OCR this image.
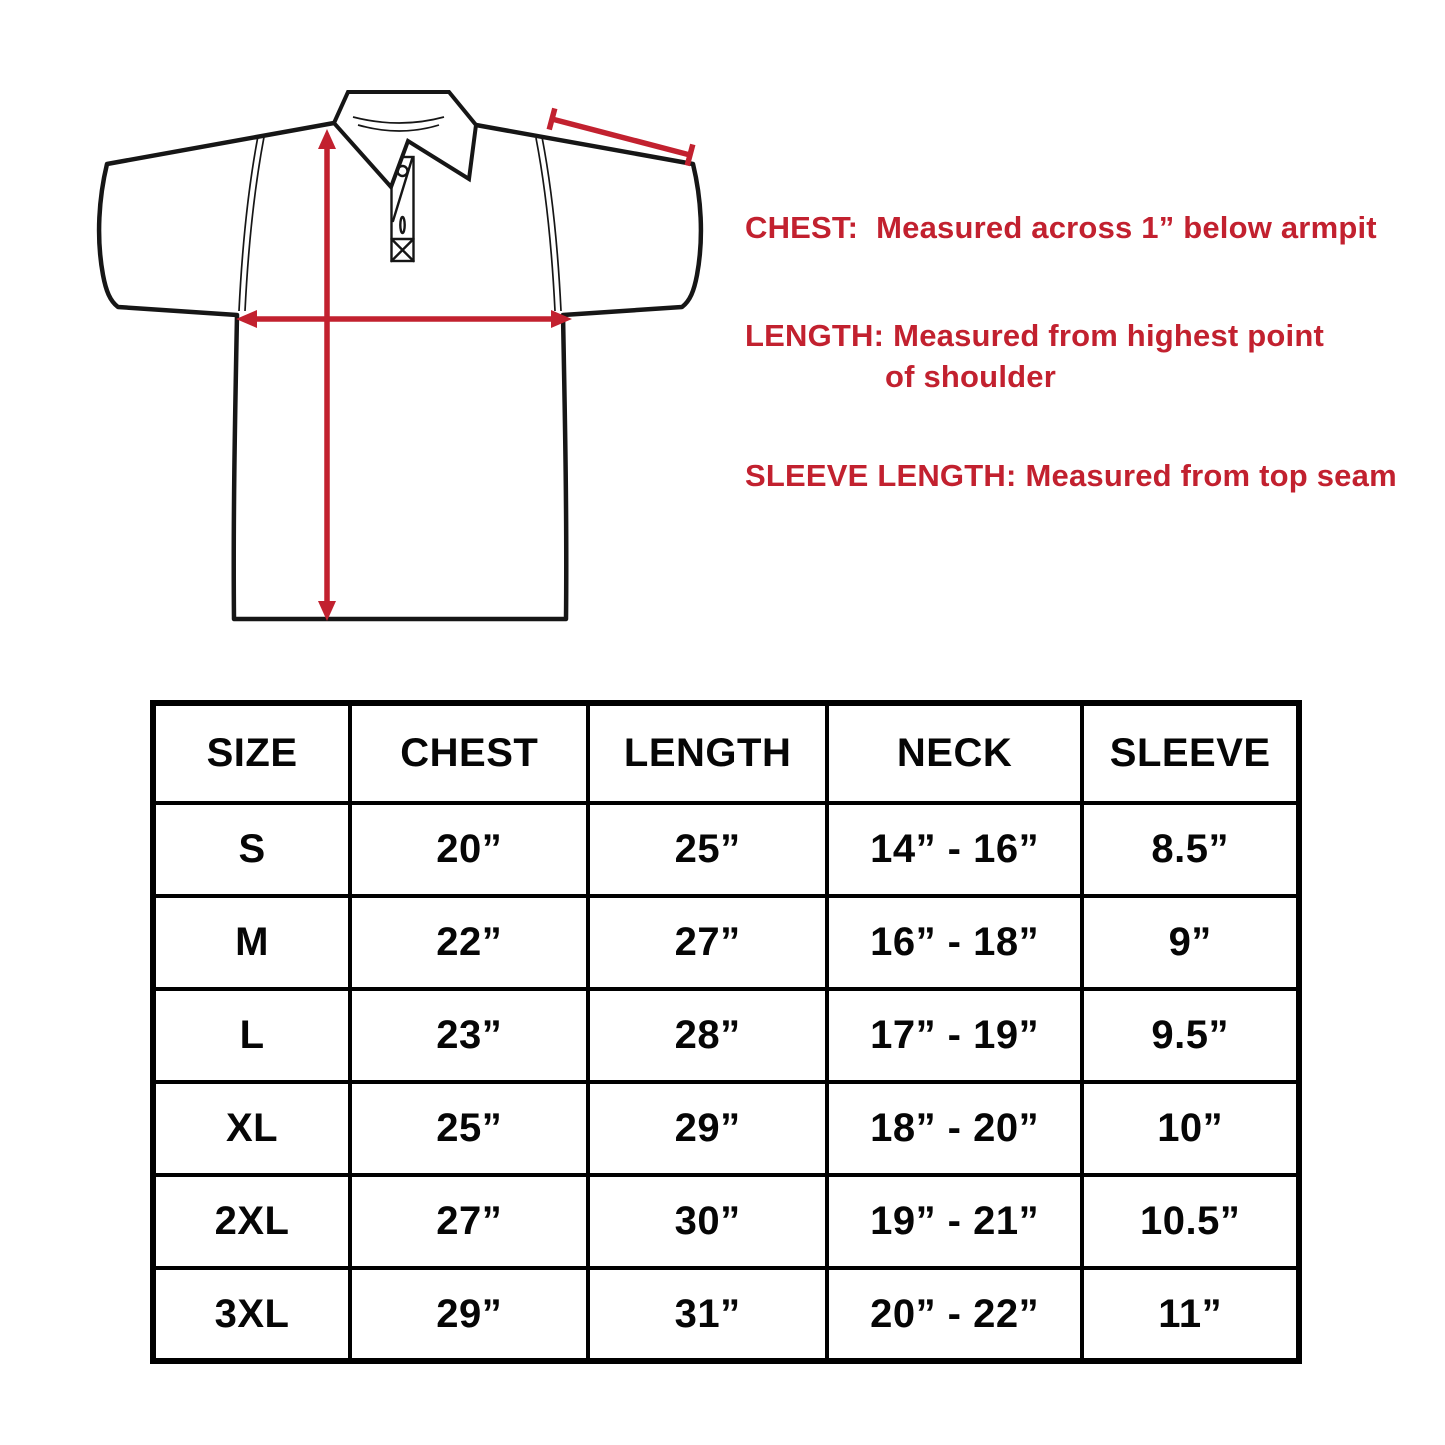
CHEST: Measured across 1” below armpit
LENGTH: Measured from highest point
of shoulder
SLEEVE LENGTH: Measured from top seam
SIZE	CHEST	LENGTH	NECK	SLEEVE
S	20”	25”	14” - 16”	8.5”
M	22”	27”	16” - 18”	9”
L	23”	28”	17” - 19”	9.5”
XL	25”	29”	18” - 20”	10”
2XL	27”	30”	19” - 21”	10.5”
3XL	29”	31”	20” - 22”	11”
